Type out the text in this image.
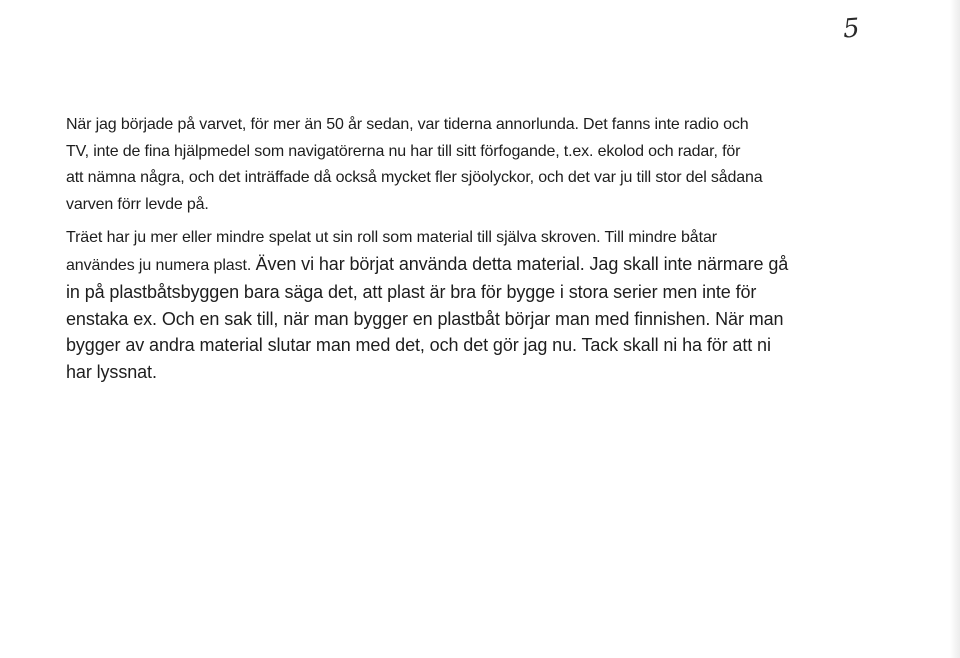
5

När jag började på varvet, för mer än 50 år sedan, var tiderna annorlunda. Det fanns inte radio och
TV, inte de fina hjälpmedel som navigatörerna nu har till sitt förfogande, t.ex. ekolod och radar, för
att nämna några, och det inträffade då också mycket fler sjöolyckor, och det var ju till stor del sådana
varven förr levde på.

Träet har ju mer eller mindre spelat ut sin roll som material till själva skroven. Till mindre båtar
användes ju numera plast. Även vi har börjat använda detta material. Jag skall inte närmare gå
in på plastbåtsbyggen bara säga det, att plast är bra för bygge i stora serier men inte för
enstaka ex. Och en sak till, när man bygger en plastbåt börjar man med finnishen. När man
bygger av andra material slutar man med det, och det gör jag nu. Tack skall ni ha för att ni
har lyssnat.
